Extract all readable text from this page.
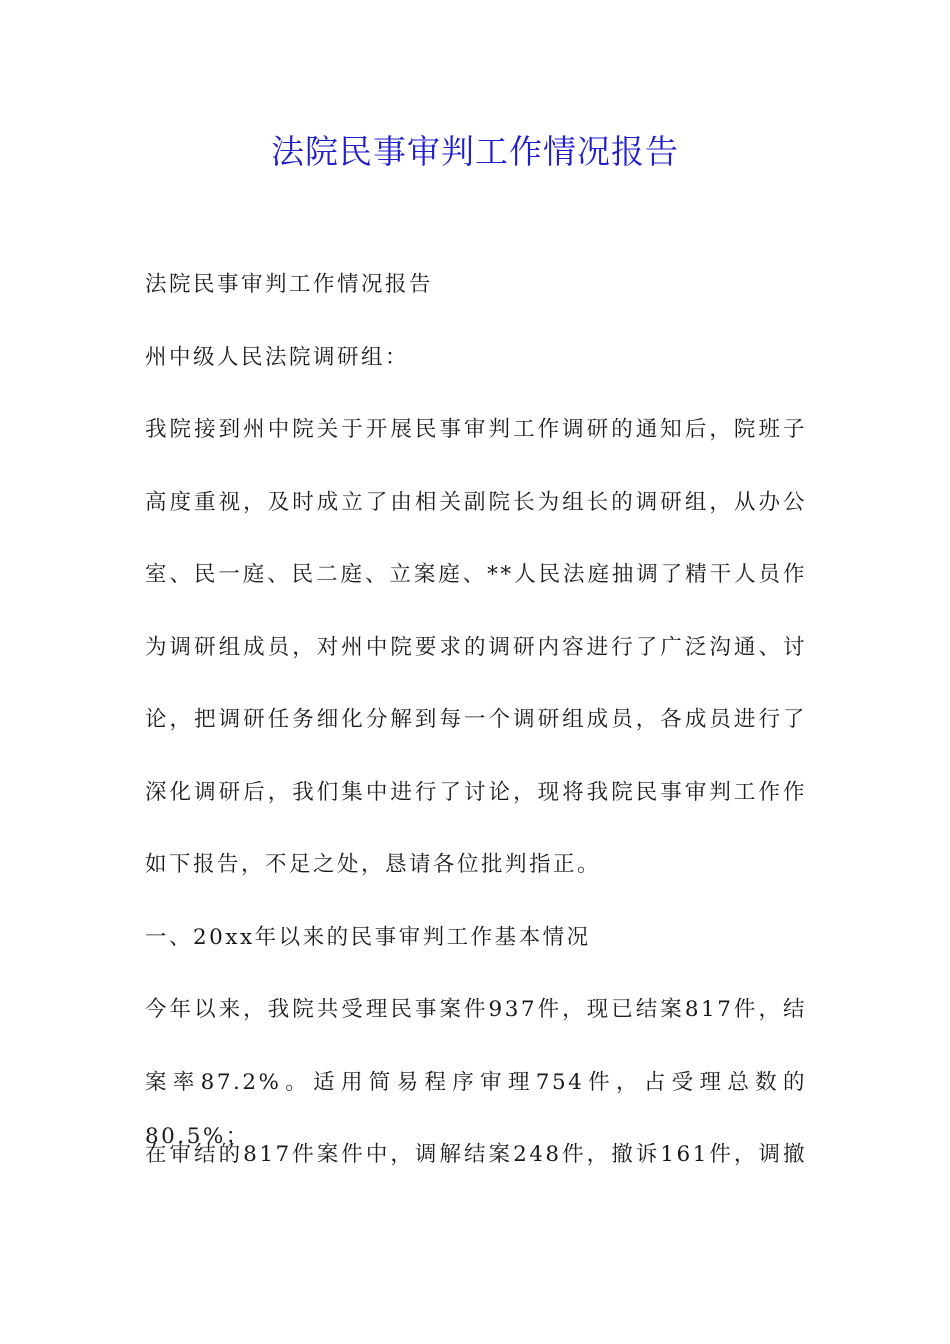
法院民事审判工作情况报告

法院民事审判工作情况报告

州中级人民法院调研组：

我院接到州中院关于开展民事审判工作调研的通知后，院班子

高度重视，及时成立了由相关副院长为组长的调研组，从办公

室、民一庭、民二庭、立案庭、**人民法庭抽调了精干人员作

为调研组成员，对州中院要求的调研内容进行了广泛沟通、讨

论，把调研任务细化分解到每一个调研组成员，各成员进行了

深化调研后，我们集中进行了讨论，现将我院民事审判工作作

如下报告，不足之处，恳请各位批判指正。

一、20xx年以来的民事审判工作基本情况

今年以来，我院共受理民事案件937件，现已结案817件，结

案率87.2%。适用简易程序审理754件，占受理总数的80.5%；

在审结的817件案件中，调解结案248件，撤诉161件，调撤
